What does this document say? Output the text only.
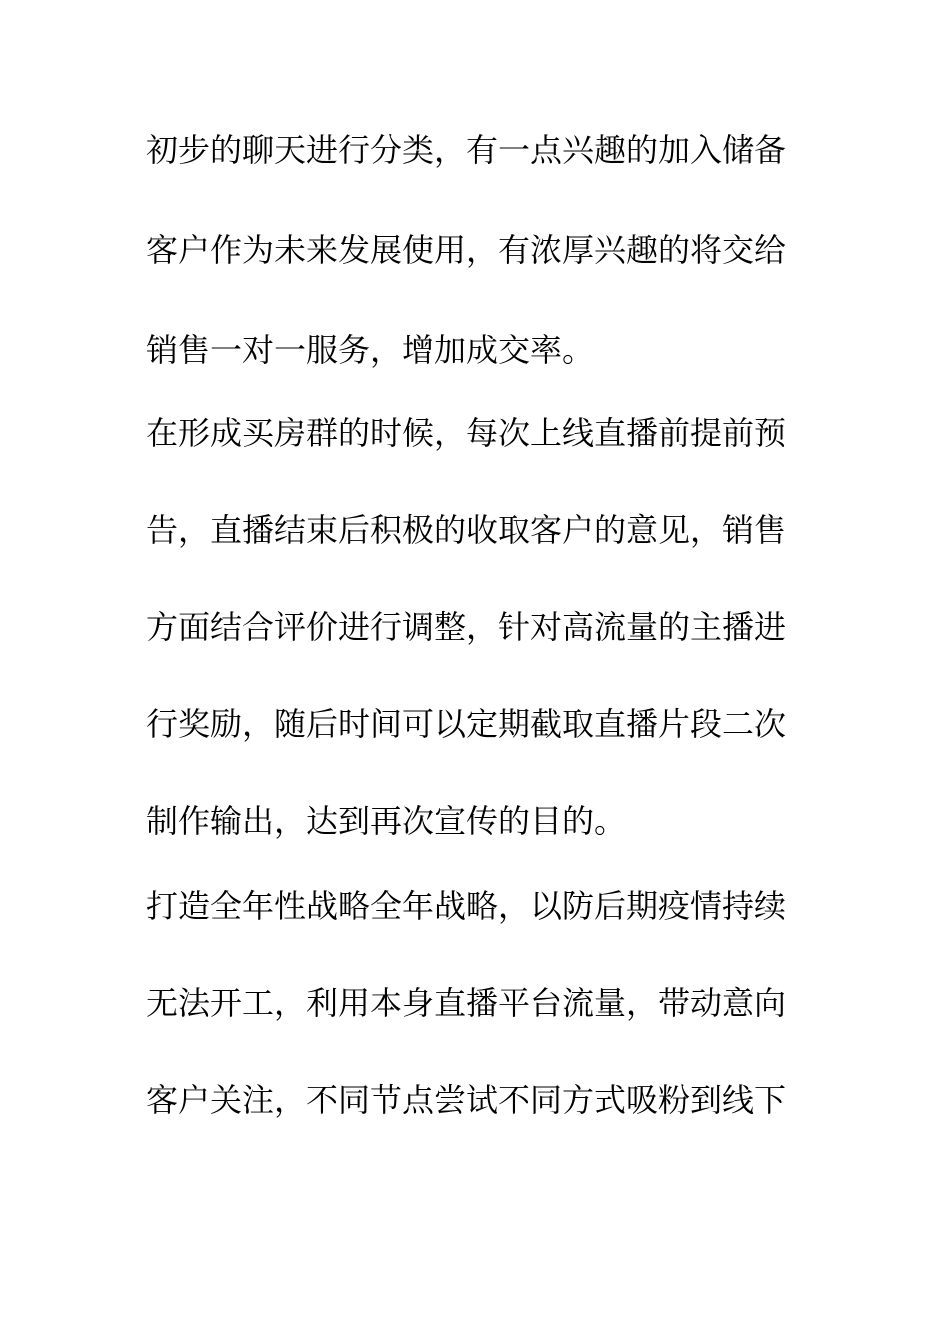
初步的聊天进行分类，有一点兴趣的加入储备
客户作为未来发展使用，有浓厚兴趣的将交给
销售一对一服务，增加成交率。
在形成买房群的时候，每次上线直播前提前预
告，直播结束后积极的收取客户的意见，销售
方面结合评价进行调整，针对高流量的主播进
行奖励，随后时间可以定期截取直播片段二次
制作输出，达到再次宣传的目的。
打造全年性战略全年战略，以防后期疫情持续
无法开工，利用本身直播平台流量，带动意向
客户关注，不同节点尝试不同方式吸粉到线下
